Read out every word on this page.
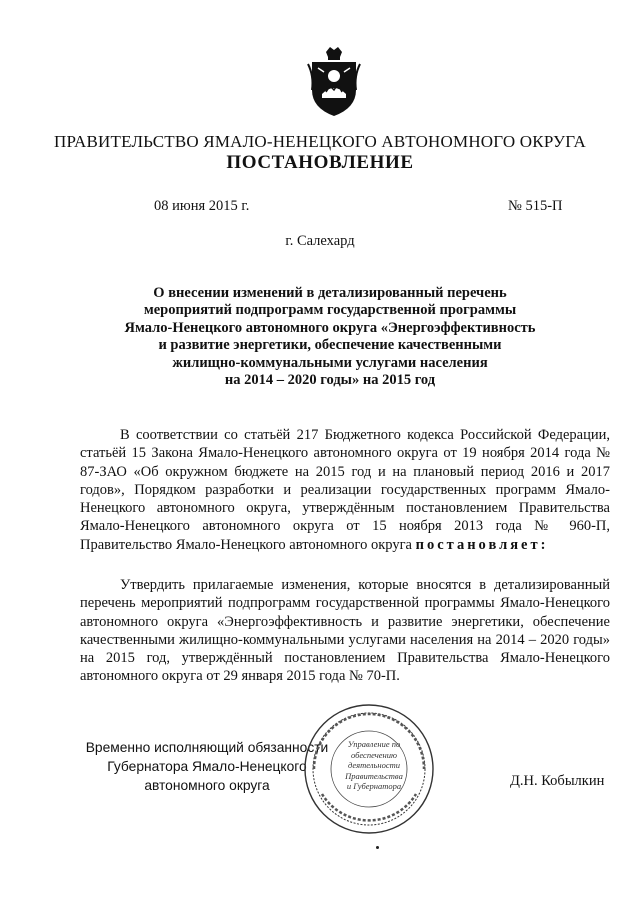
ПРАВИТЕЛЬСТВО ЯМАЛО-НЕНЕЦКОГО АВТОНОМНОГО ОКРУГА
ПОСТАНОВЛЕНИЕ
08 июня 2015 г.	№ 515-П
г. Салехард
О внесении изменений в детализированный перечень
мероприятий подпрограмм государственной программы
Ямало-Ненецкого автономного округа «Энергоэффективность
и развитие энергетики, обеспечение качественными
жилищно-коммунальными услугами населения
на 2014 – 2020 годы» на 2015 год

В соответствии со статьёй 217 Бюджетного кодекса Российской Федерации, статьёй 15 Закона Ямало-Ненецкого автономного округа от 19 ноября 2014 года № 87-ЗАО «Об окружном бюджете на 2015 год и на плановый период 2016 и 2017 годов», Порядком разработки и реализации государственных программ Ямало-Ненецкого автономного округа, утверждённым постановлением Правительства Ямало-Ненецкого автономного округа от 15 ноября 2013 года № 960-П, Правительство Ямало-Ненецкого автономного округа постановляет:

Утвердить прилагаемые изменения, которые вносятся в детализированный перечень мероприятий подпрограмм государственной программы Ямало-Ненецкого автономного округа «Энергоэффективность и развитие энергетики, обеспечение качественными жилищно-коммунальными услугами населения на 2014 – 2020 годы» на 2015 год, утверждённый постановлением Правительства Ямало-Ненецкого автономного округа от 29 января 2015 года № 70-П.

Временно исполняющий обязанности
Губернатора Ямало-Ненецкого
автономного округа
Управление по
обеспечению
деятельности
Правительства
и Губернатора	Д.Н. Кобылкин
